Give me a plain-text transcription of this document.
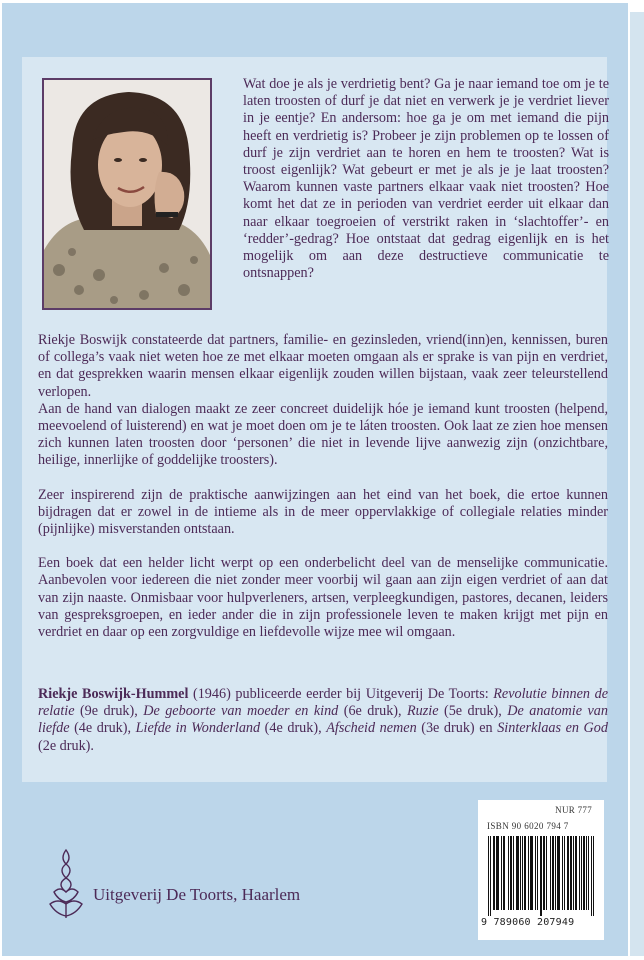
Wat doe je als je verdrietig bent? Ga je naar iemand toe om je te laten troosten of durf je dat niet en verwerk je je verdriet liever in je eentje? En andersom: hoe ga je om met iemand die pijn heeft en verdrietig is? Probeer je zijn problemen op te lossen of durf je zijn verdriet aan te horen en hem te troosten? Wat is troost eigenlijk? Wat gebeurt er met je als je je laat troosten? Waarom kunnen vaste partners elkaar vaak niet troosten? Hoe komt het dat ze in perioden van verdriet eerder uit elkaar dan naar elkaar toegroeien of verstrikt raken in ‘slachtoffer’- en ‘redder’-gedrag? Hoe ontstaat dat gedrag eigenlijk en is het mogelijk om aan deze destructieve communicatie te ontsnappen?

Riekje Boswijk constateerde dat partners, familie- en gezinsleden, vriend(inn)en, kennissen, buren of collega’s vaak niet weten hoe ze met elkaar moeten omgaan als er sprake is van pijn en verdriet, en dat gesprekken waarin mensen elkaar eigenlijk zouden willen bijstaan, vaak zeer teleurstellend verlopen.

Aan de hand van dialogen maakt ze zeer concreet duidelijk hóe je iemand kunt troosten (helpend, meevoelend of luisterend) en wat je moet doen om je te láten troosten. Ook laat ze zien hoe mensen zich kunnen laten troosten door ‘personen’ die niet in levende lijve aanwezig zijn (onzichtbare, heilige, innerlijke of goddelijke troosters).

Zeer inspirerend zijn de praktische aanwijzingen aan het eind van het boek, die ertoe kunnen bijdragen dat er zowel in de intieme als in de meer oppervlakkige of collegiale relaties minder (pijnlijke) misverstanden ontstaan.

Een boek dat een helder licht werpt op een onderbelicht deel van de menselijke communicatie. Aanbevolen voor iedereen die niet zonder meer voorbij wil gaan aan zijn eigen verdriet of aan dat van zijn naaste. Onmisbaar voor hulpverleners, artsen, verpleegkundigen, pastores, decanen, leiders van gespreksgroepen, en ieder ander die in zijn professionele leven te maken krijgt met pijn en verdriet en daar op een zorgvuldige en liefdevolle wijze mee wil omgaan.

Riekje Boswijk-Hummel (1946) publiceerde eerder bij Uitgeverij De Toorts: Revolutie binnen de relatie (9e druk), De geboorte van moeder en kind (6e druk), Ruzie (5e druk), De anatomie van liefde (4e druk), Liefde in Wonderland (4e druk), Afscheid nemen (3e druk) en Sinterklaas en God (2e druk).

NUR 777
ISBN 90 6020 794 7
9 789060 207949
Uitgeverij De Toorts, Haarlem
